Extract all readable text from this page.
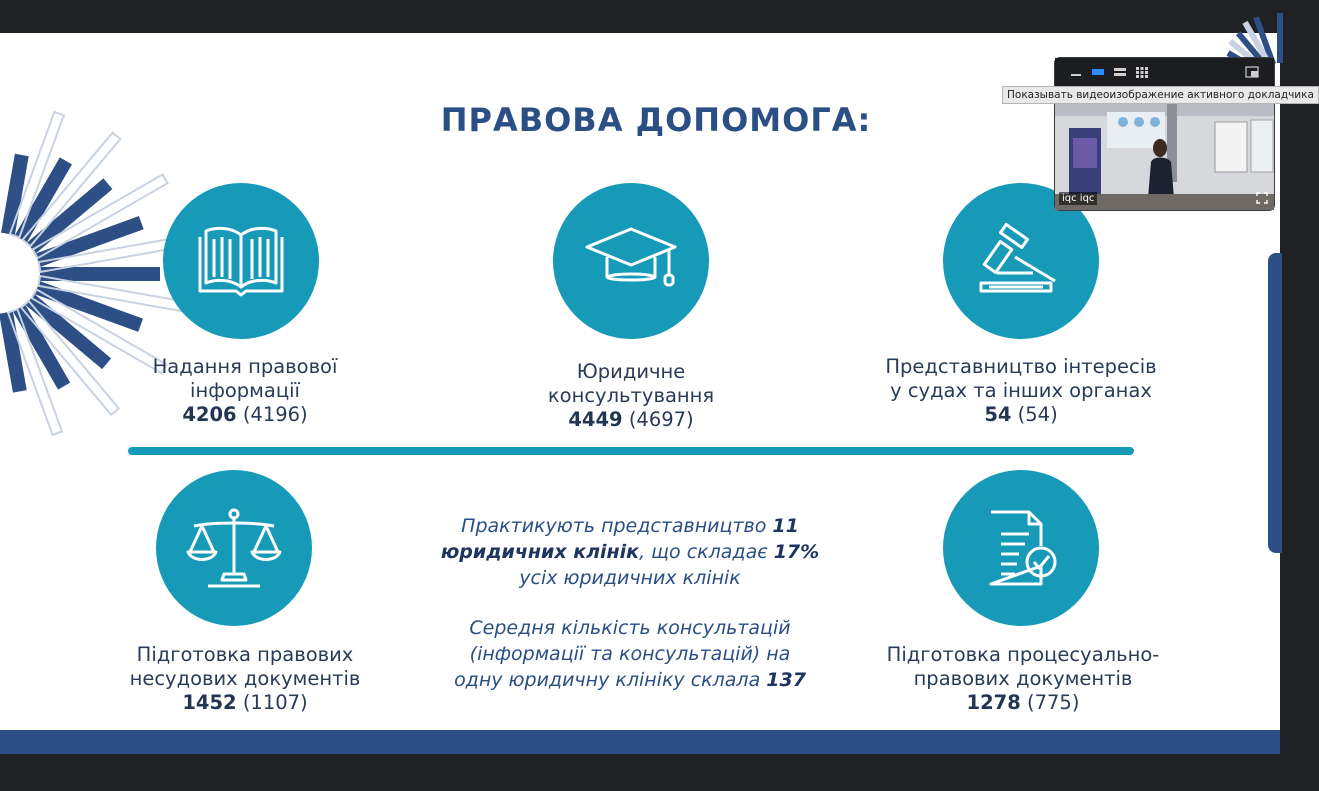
ПРАВОВА ДОПОМОГА:
Надання правової
інформації
4206 (4196)
Юридичне
консультування
4449 (4697)
Представництво інтересів
у судах та інших органах
54 (54)
Практикують представництво 11
юридичних клінік, що складає 17%
усіх юридичних клінік
Середня кількість консультацій
(інформації та консультацій) на
одну юридичну клініку склала 137
Підготовка правових
несудових документів
1452 (1107)
Підготовка процесуально-
правових документів
1278 (775)
iqc iqc
Показывать видеоизображение активного докладчика
